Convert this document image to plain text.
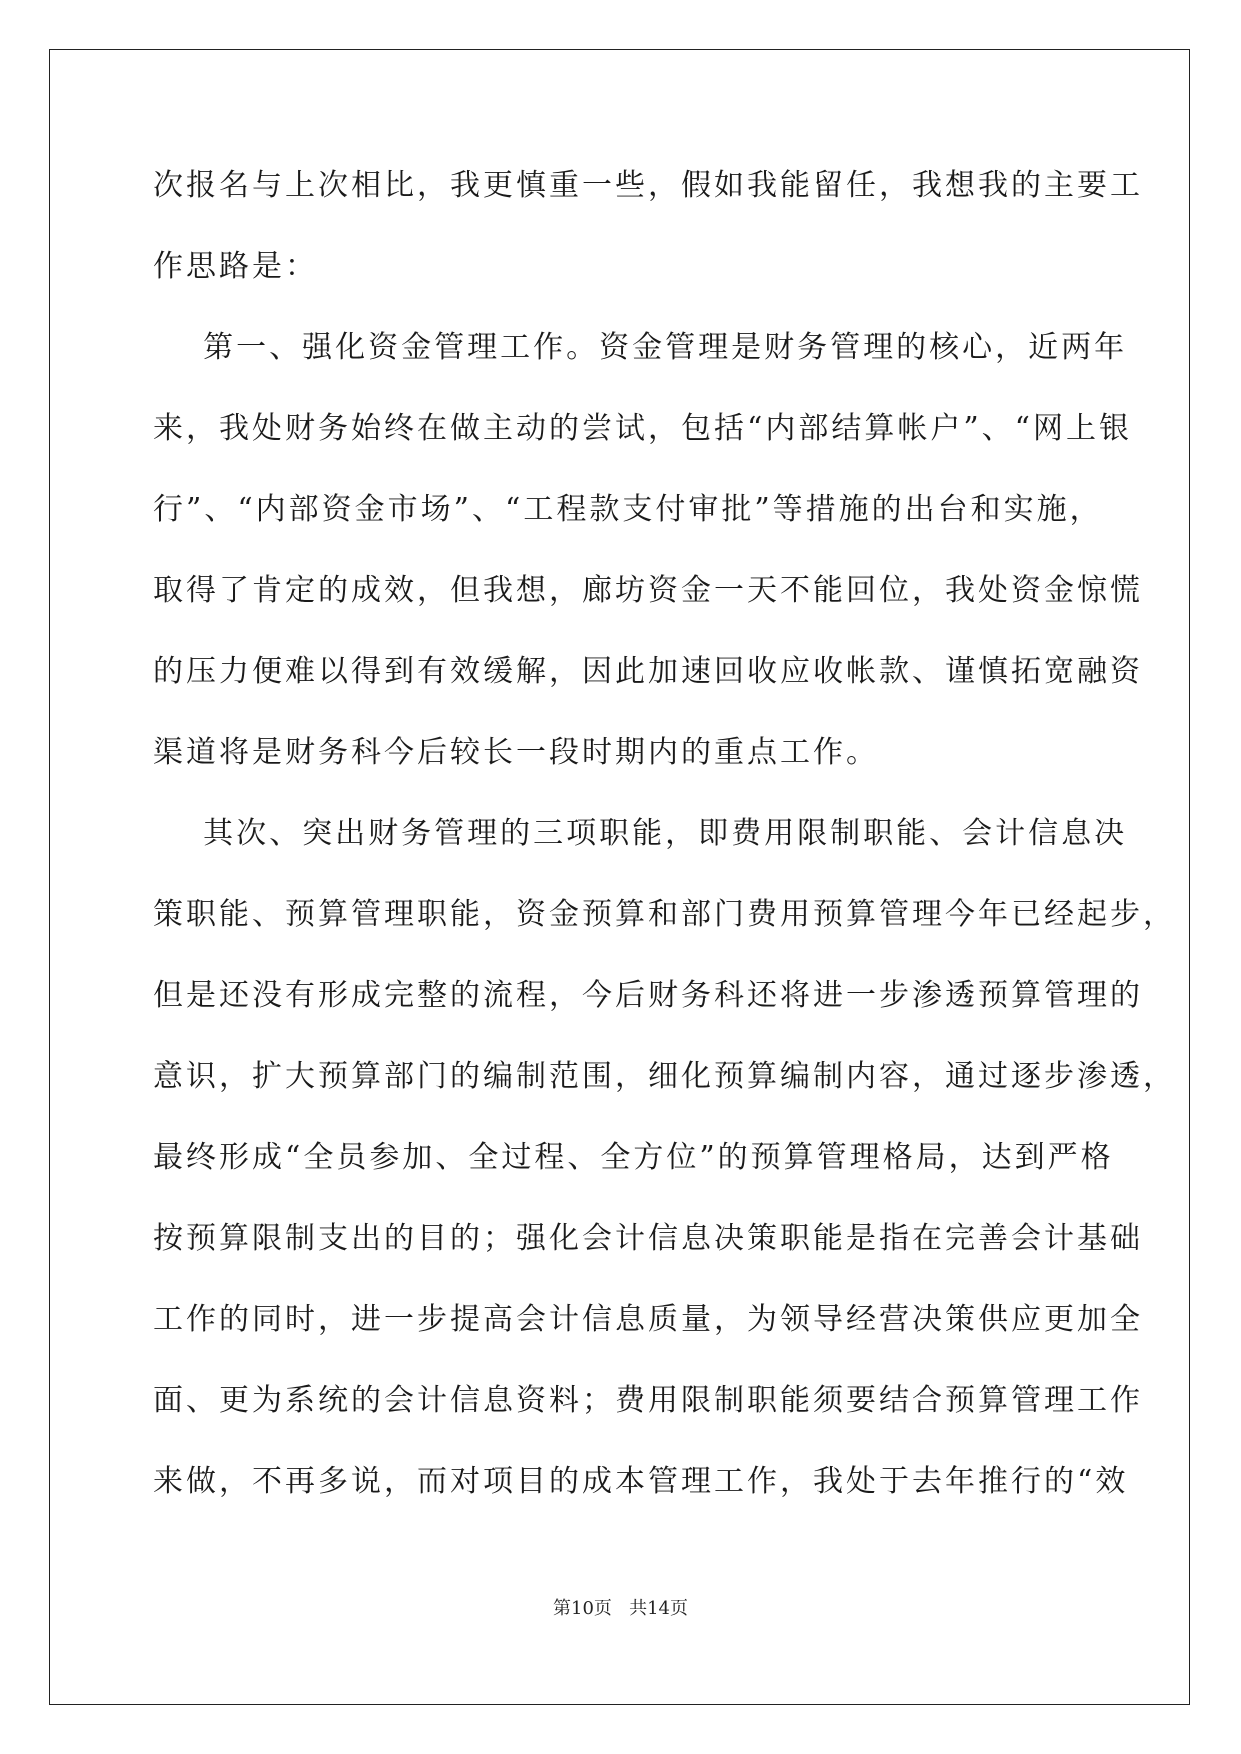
次报名与上次相比，我更慎重一些，假如我能留任，我想我的主要工
作思路是：
第一、强化资金管理工作。资金管理是财务管理的核心，近两年
来，我处财务始终在做主动的尝试，包括“内部结算帐户”、“网上银
行”、“内部资金市场”、“工程款支付审批”等措施的出台和实施，
取得了肯定的成效，但我想，廊坊资金一天不能回位，我处资金惊慌
的压力便难以得到有效缓解，因此加速回收应收帐款、谨慎拓宽融资
渠道将是财务科今后较长一段时期内的重点工作。
其次、突出财务管理的三项职能，即费用限制职能、会计信息决
策职能、预算管理职能，资金预算和部门费用预算管理今年已经起步，
但是还没有形成完整的流程，今后财务科还将进一步渗透预算管理的
意识，扩大预算部门的编制范围，细化预算编制内容，通过逐步渗透，
最终形成“全员参加、全过程、全方位”的预算管理格局，达到严格
按预算限制支出的目的；强化会计信息决策职能是指在完善会计基础
工作的同时，进一步提高会计信息质量，为领导经营决策供应更加全
面、更为系统的会计信息资料；费用限制职能须要结合预算管理工作
来做，不再多说，而对项目的成本管理工作，我处于去年推行的“效
第10页 共14页
